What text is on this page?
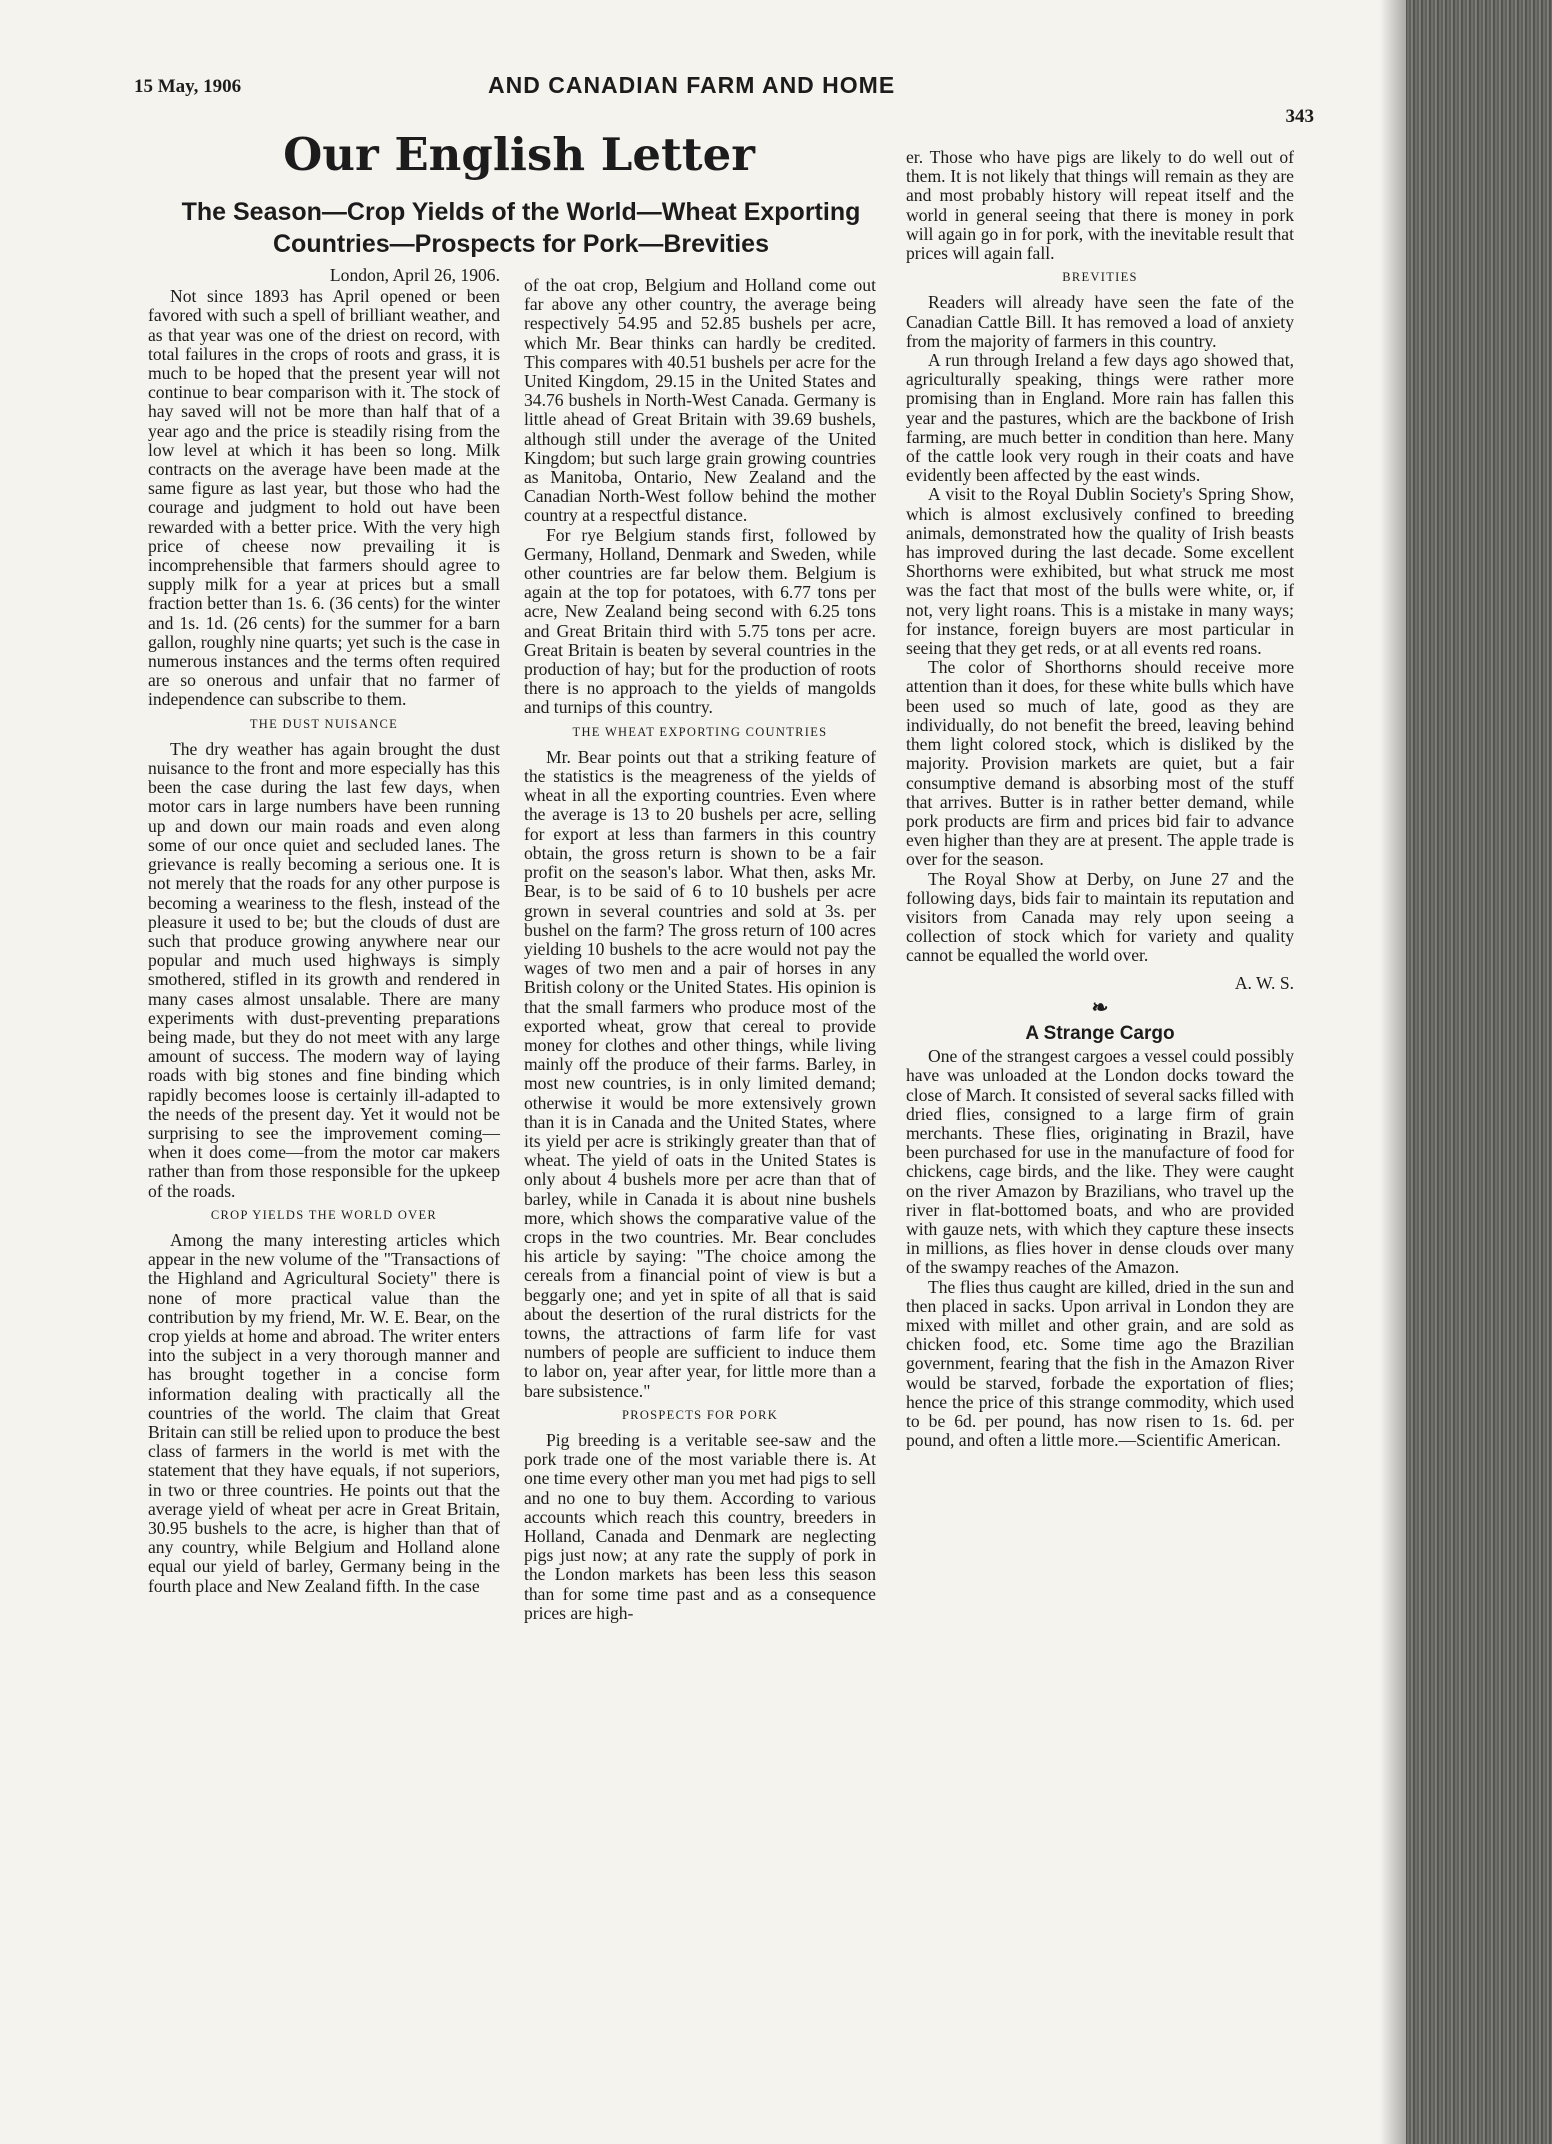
15 May, 1906	AND CANADIAN FARM AND HOME
343
Our English Letter
The Season—Crop Yields of the World—Wheat Exporting Countries—Prospects for Pork—Brevities
London, April 26, 1906.

Not since 1893 has April opened or been favored with such a spell of brilliant weather, and as that year was one of the driest on record, with total failures in the crops of roots and grass, it is much to be hoped that the present year will not continue to bear comparison with it. The stock of hay saved will not be more than half that of a year ago and the price is steadily rising from the low level at which it has been so long. Milk contracts on the average have been made at the same figure as last year, but those who had the courage and judgment to hold out have been rewarded with a better price. With the very high price of cheese now prevailing it is incomprehensible that farmers should agree to supply milk for a year at prices but a small fraction better than 1s. 6. (36 cents) for the winter and 1s. 1d. (26 cents) for the summer for a barn gallon, roughly nine quarts; yet such is the case in numerous instances and the terms often required are so onerous and unfair that no farmer of independence can subscribe to them.

THE DUST NUISANCE

The dry weather has again brought the dust nuisance to the front and more especially has this been the case during the last few days, when motor cars in large numbers have been running up and down our main roads and even along some of our once quiet and secluded lanes. The grievance is really becoming a serious one. It is not merely that the roads for any other purpose is becoming a weariness to the flesh, instead of the pleasure it used to be; but the clouds of dust are such that produce growing anywhere near our popular and much used highways is simply smothered, stifled in its growth and rendered in many cases almost unsalable. There are many experiments with dust-preventing preparations being made, but they do not meet with any large amount of success. The modern way of laying roads with big stones and fine binding which rapidly becomes loose is certainly ill-adapted to the needs of the present day. Yet it would not be surprising to see the improvement coming—when it does come—from the motor car makers rather than from those responsible for the upkeep of the roads.

CROP YIELDS THE WORLD OVER

Among the many interesting articles which appear in the new volume of the "Transactions of the Highland and Agricultural Society" there is none of more practical value than the contribution by my friend, Mr. W. E. Bear, on the crop yields at home and abroad. The writer enters into the subject in a very thorough manner and has brought together in a concise form information dealing with practically all the countries of the world. The claim that Great Britain can still be relied upon to produce the best class of farmers in the world is met with the statement that they have equals, if not superiors, in two or three countries. He points out that the average yield of wheat per acre in Great Britain, 30.95 bushels to the acre, is higher than that of any country, while Belgium and Holland alone equal our yield of barley, Germany being in the fourth place and New Zealand fifth. In the case

of the oat crop, Belgium and Holland come out far above any other country, the average being respectively 54.95 and 52.85 bushels per acre, which Mr. Bear thinks can hardly be credited. This compares with 40.51 bushels per acre for the United Kingdom, 29.15 in the United States and 34.76 bushels in North-West Canada. Germany is little ahead of Great Britain with 39.69 bushels, although still under the average of the United Kingdom; but such large grain growing countries as Manitoba, Ontario, New Zealand and the Canadian North-West follow behind the mother country at a respectful distance.

For rye Belgium stands first, followed by Germany, Holland, Denmark and Sweden, while other countries are far below them. Belgium is again at the top for potatoes, with 6.77 tons per acre, New Zealand being second with 6.25 tons and Great Britain third with 5.75 tons per acre. Great Britain is beaten by several countries in the production of hay; but for the production of roots there is no approach to the yields of mangolds and turnips of this country.

THE WHEAT EXPORTING COUNTRIES

Mr. Bear points out that a striking feature of the statistics is the meagreness of the yields of wheat in all the exporting countries. Even where the average is 13 to 20 bushels per acre, selling for export at less than farmers in this country obtain, the gross return is shown to be a fair profit on the season's labor. What then, asks Mr. Bear, is to be said of 6 to 10 bushels per acre grown in several countries and sold at 3s. per bushel on the farm? The gross return of 100 acres yielding 10 bushels to the acre would not pay the wages of two men and a pair of horses in any British colony or the United States. His opinion is that the small farmers who produce most of the exported wheat, grow that cereal to provide money for clothes and other things, while living mainly off the produce of their farms. Barley, in most new countries, is in only limited demand; otherwise it would be more extensively grown than it is in Canada and the United States, where its yield per acre is strikingly greater than that of wheat. The yield of oats in the United States is only about 4 bushels more per acre than that of barley, while in Canada it is about nine bushels more, which shows the comparative value of the crops in the two countries. Mr. Bear concludes his article by saying: "The choice among the cereals from a financial point of view is but a beggarly one; and yet in spite of all that is said about the desertion of the rural districts for the towns, the attractions of farm life for vast numbers of people are sufficient to induce them to labor on, year after year, for little more than a bare subsistence."

PROSPECTS FOR PORK

Pig breeding is a veritable see-saw and the pork trade one of the most variable there is. At one time every other man you met had pigs to sell and no one to buy them. According to various accounts which reach this country, breeders in Holland, Canada and Denmark are neglecting pigs just now; at any rate the supply of pork in the London markets has been less this season than for some time past and as a consequence prices are high-

er. Those who have pigs are likely to do well out of them. It is not likely that things will remain as they are and most probably history will repeat itself and the world in general seeing that there is money in pork will again go in for pork, with the inevitable result that prices will again fall.

BREVITIES

Readers will already have seen the fate of the Canadian Cattle Bill. It has removed a load of anxiety from the majority of farmers in this country.

A run through Ireland a few days ago showed that, agriculturally speaking, things were rather more promising than in England. More rain has fallen this year and the pastures, which are the backbone of Irish farming, are much better in condition than here. Many of the cattle look very rough in their coats and have evidently been affected by the east winds.

A visit to the Royal Dublin Society's Spring Show, which is almost exclusively confined to breeding animals, demonstrated how the quality of Irish beasts has improved during the last decade. Some excellent Shorthorns were exhibited, but what struck me most was the fact that most of the bulls were white, or, if not, very light roans. This is a mistake in many ways; for instance, foreign buyers are most particular in seeing that they get reds, or at all events red roans.

The color of Shorthorns should receive more attention than it does, for these white bulls which have been used so much of late, good as they are individually, do not benefit the breed, leaving behind them light colored stock, which is disliked by the majority. Provision markets are quiet, but a fair consumptive demand is absorbing most of the stuff that arrives. Butter is in rather better demand, while pork products are firm and prices bid fair to advance even higher than they are at present. The apple trade is over for the season.

The Royal Show at Derby, on June 27 and the following days, bids fair to maintain its reputation and visitors from Canada may rely upon seeing a collection of stock which for variety and quality cannot be equalled the world over.

A. W. S.
❧
A Strange Cargo

One of the strangest cargoes a vessel could possibly have was unloaded at the London docks toward the close of March. It consisted of several sacks filled with dried flies, consigned to a large firm of grain merchants. These flies, originating in Brazil, have been purchased for use in the manufacture of food for chickens, cage birds, and the like. They were caught on the river Amazon by Brazilians, who travel up the river in flat-bottomed boats, and who are provided with gauze nets, with which they capture these insects in millions, as flies hover in dense clouds over many of the swampy reaches of the Amazon.

The flies thus caught are killed, dried in the sun and then placed in sacks. Upon arrival in London they are mixed with millet and other grain, and are sold as chicken food, etc. Some time ago the Brazilian government, fearing that the fish in the Amazon River would be starved, forbade the exportation of flies; hence the price of this strange commodity, which used to be 6d. per pound, has now risen to 1s. 6d. per pound, and often a little more.—Scientific American.
